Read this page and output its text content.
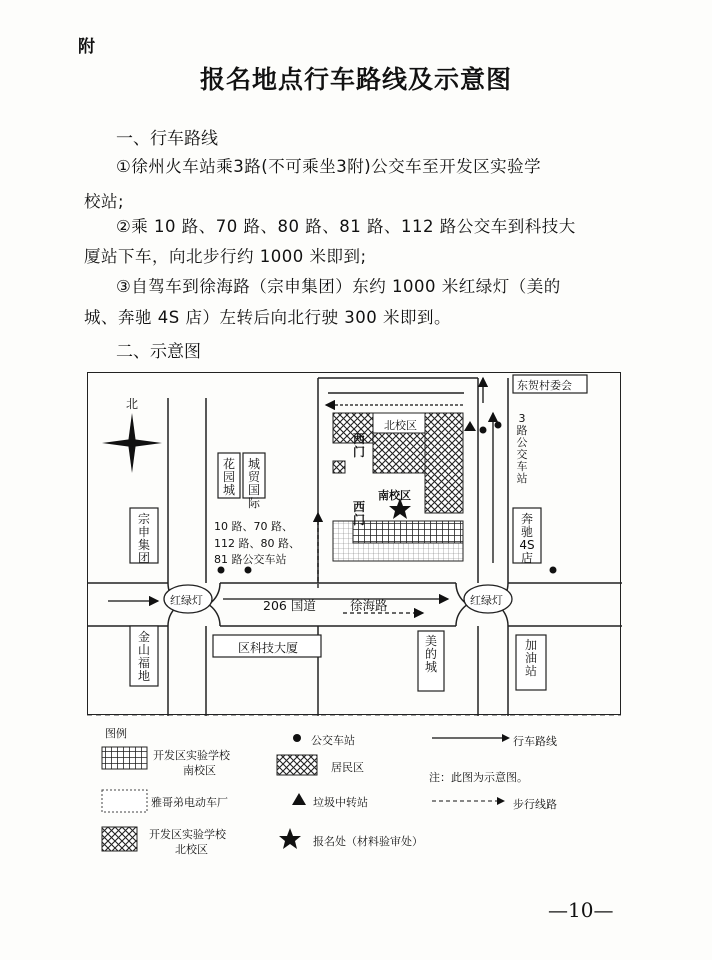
附
报名地点行车路线及示意图
一、行车路线
①徐州火车站乘3路(不可乘坐3附)公交车至开发区实验学
校站;
②乘 10 路、70 路、80 路、81 路、112 路公交车到科技大
厦站下车，向北步行约 1000 米即到;
③自驾车到徐海路（宗申集团）东约 1000 米红绿灯（美的
城、奔驰 4S 店）左转后向北行驶 300 米即到。
二、示意图
北
花园城
城贸国际
宗申集团
10 路、70 路、
112 路、80 路、
81 路公交车站
北校区
西门
南校区
西门
东贺村委会
3路公交车站
奔驰4S店
红绿灯	红绿灯
206 国道	徐海路
金山福地
区科技大厦	美的城
加油站
图例
公交车站	行车路线
开发区实验学校
南校区	居民区
注：此图为示意图。
雅哥弟电动车厂	垃圾中转站	步行线路
开发区实验学校
北校区
报名处（材料验审处）
—10—
